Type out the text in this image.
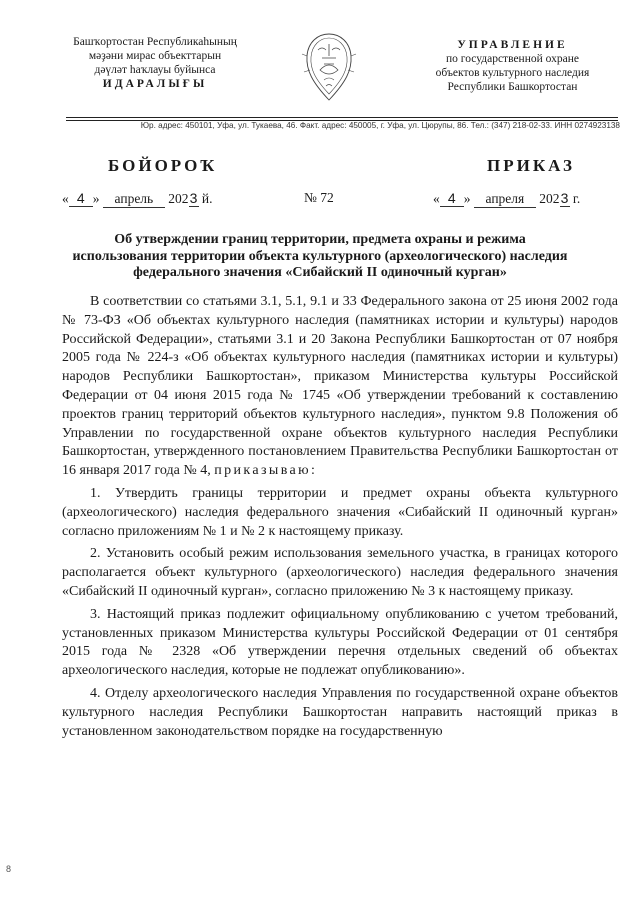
Башҡортостан Республикаһының
мәҙәни мирас объекттарын
дәүләт һаҡлауы буйынса
ИДАРАЛЫҒЫ
УПРАВЛЕНИЕ
по государственной охране
объектов культурного наследия
Республики Башкортостан
Юр. адрес: 450101, Уфа, ул. Тукаева, 46. Факт. адрес: 450005, г. Уфа, ул. Цюрупы, 86. Тел.: (347) 218-02-33. ИНН 0274923138
БОЙОРОҠ	ПРИКАЗ
« 4 » апрель 2023 й.	№ 72	« 4 » апреля 2023 г.
Об утверждении границ территории, предмета охраны и режима использования территории объекта культурного (археологического) наследия федерального значения «Сибайский II одиночный курган»

В соответствии со статьями 3.1, 5.1, 9.1 и 33 Федерального закона от 25 июня 2002 года № 73-ФЗ «Об объектах культурного наследия (памятниках истории и культуры) народов Российской Федерации», статьями 3.1 и 20 Закона Республики Башкортостан от 07 ноября 2005 года № 224-з «Об объектах культурного наследия (памятниках истории и культуры) народов Республики Башкортостан», приказом Министерства культуры Российской Федерации от 04 июня 2015 года № 1745 «Об утверждении требований к составлению проектов границ территорий объектов культурного наследия», пунктом 9.8 Положения об Управлении по государственной охране объектов культурного наследия Республики Башкортостан, утвержденного постановлением Правительства Республики Башкортостан от 16 января 2017 года № 4, приказываю:

1. Утвердить границы территории и предмет охраны объекта культурного (археологического) наследия федерального значения «Сибайский II одиночный курган» согласно приложениям № 1 и № 2 к настоящему приказу.

2. Установить особый режим использования земельного участка, в границах которого располагается объект культурного (археологического) наследия федерального значения «Сибайский II одиночный курган», согласно приложению № 3 к настоящему приказу.

3. Настоящий приказ подлежит официальному опубликованию с учетом требований, установленных приказом Министерства культуры Российской Федерации от 01 сентября 2015 года № 2328 «Об утверждении перечня отдельных сведений об объектах археологического наследия, которые не подлежат опубликованию».

4. Отделу археологического наследия Управления по государственной охране объектов культурного наследия Республики Башкортостан направить настоящий приказ в установленном законодательством порядке на государственную

8
